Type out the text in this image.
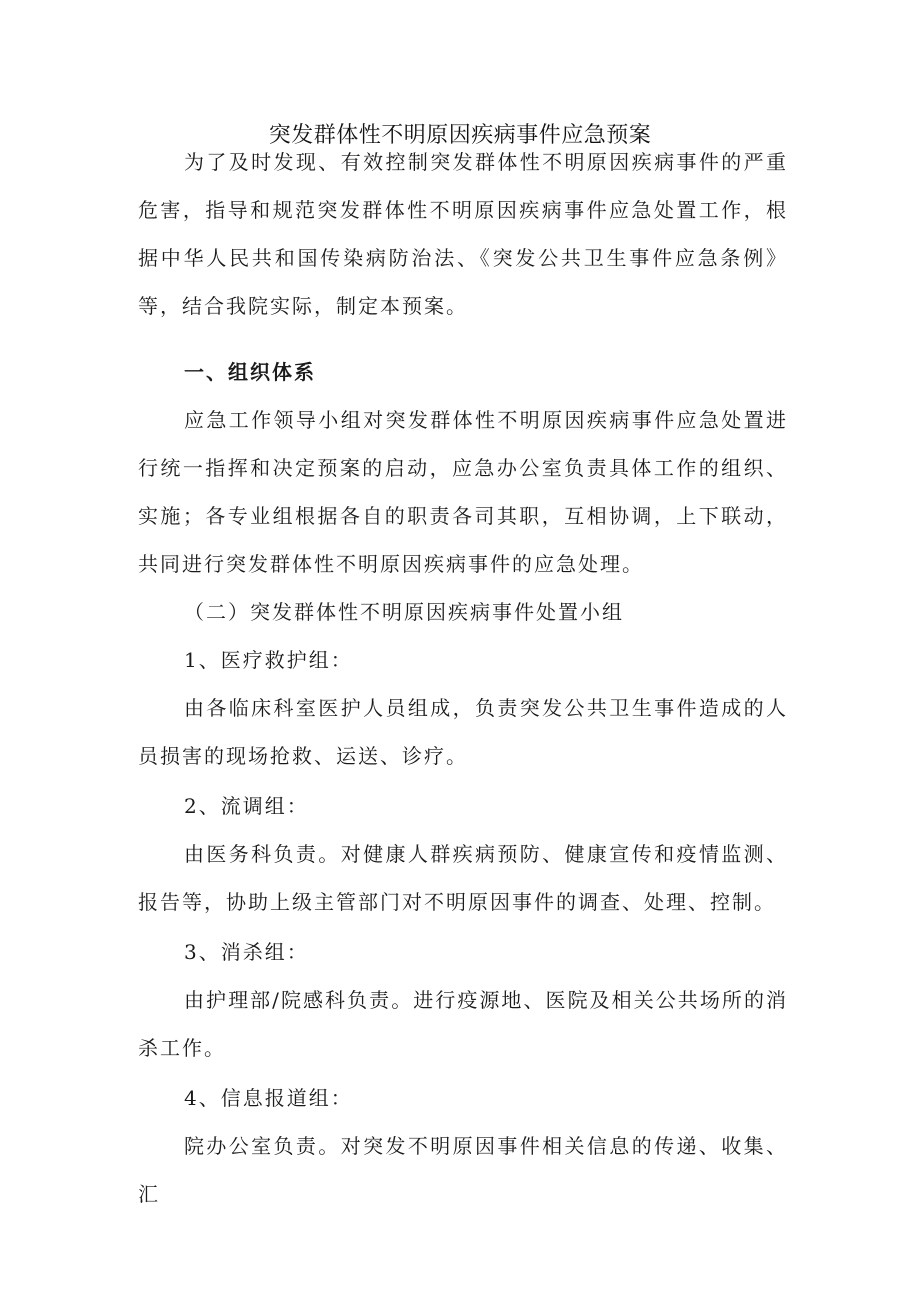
突发群体性不明原因疾病事件应急预案

为了及时发现、有效控制突发群体性不明原因疾病事件的严重危害，指导和规范突发群体性不明原因疾病事件应急处置工作，根据中华人民共和国传染病防治法、《突发公共卫生事件应急条例》等，结合我院实际，制定本预案。

一、组织体系

应急工作领导小组对突发群体性不明原因疾病事件应急处置进行统一指挥和决定预案的启动，应急办公室负责具体工作的组织、实施；各专业组根据各自的职责各司其职，互相协调，上下联动，共同进行突发群体性不明原因疾病事件的应急处理。

（二）突发群体性不明原因疾病事件处置小组

1、医疗救护组：

由各临床科室医护人员组成，负责突发公共卫生事件造成的人员损害的现场抢救、运送、诊疗。

2、流调组：

由医务科负责。对健康人群疾病预防、健康宣传和疫情监测、报告等，协助上级主管部门对不明原因事件的调查、处理、控制。

3、消杀组：

由护理部/院感科负责。进行疫源地、医院及相关公共场所的消杀工作。

4、信息报道组：

院办公室负责。对突发不明原因事件相关信息的传递、收集、汇
